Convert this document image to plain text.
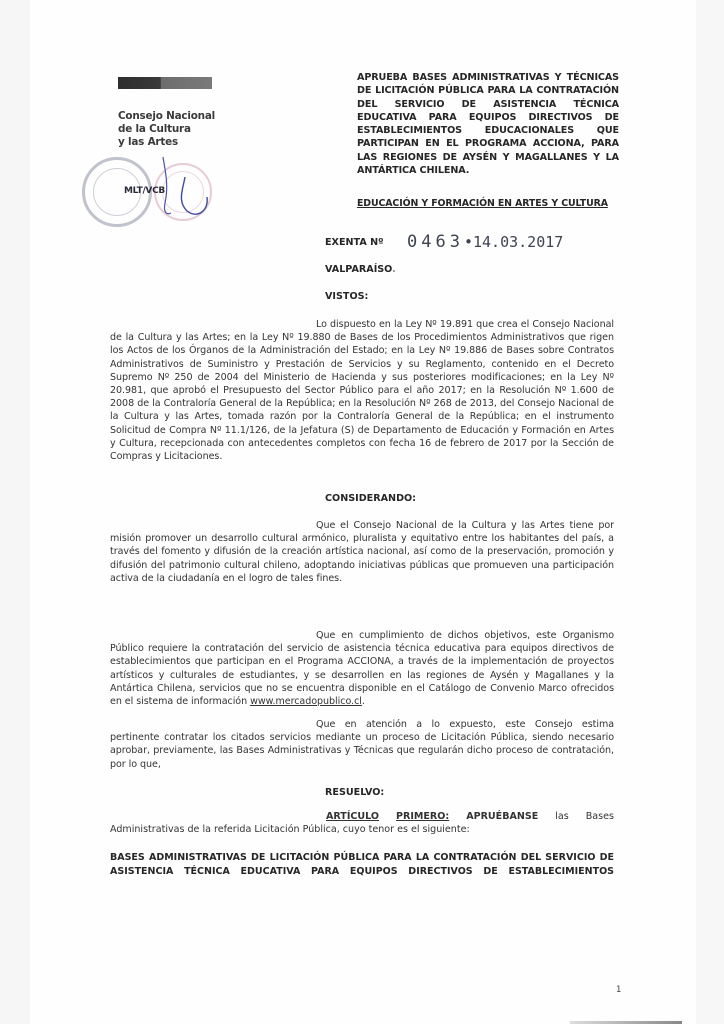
Consejo Nacional
de la Cultura
y las Artes
MLT/VCB
APRUEBA BASES ADMINISTRATIVAS Y TÉCNICAS DE LICITACIÓN PÚBLICA PARA LA CONTRATACIÓN DEL SERVICIO DE ASISTENCIA TÉCNICA EDUCATIVA PARA EQUIPOS DIRECTIVOS DE ESTABLECIMIENTOS EDUCACIONALES QUE PARTICIPAN EN EL PROGRAMA ACCIONA, PARA LAS REGIONES DE AYSÉN Y MAGALLANES Y LA ANTÁRTICA CHILENA.
EDUCACIÓN Y FORMACIÓN EN ARTES Y CULTURA
EXENTA Nº 0463•14.03.2017
VALPARAÍSO.
VISTOS:
Lo dispuesto en la Ley Nº 19.891 que crea el Consejo Nacional de la Cultura y las Artes; en la Ley Nº 19.880 de Bases de los Procedimientos Administrativos que rigen los Actos de los Órganos de la Administración del Estado; en la Ley Nº 19.886 de Bases sobre Contratos Administrativos de Suministro y Prestación de Servicios y su Reglamento, contenido en el Decreto Supremo Nº 250 de 2004 del Ministerio de Hacienda y sus posteriores modificaciones; en la Ley Nº 20.981, que aprobó el Presupuesto del Sector Público para el año 2017; en la Resolución Nº 1.600 de 2008 de la Contraloría General de la República; en la Resolución Nº 268 de 2013, del Consejo Nacional de la Cultura y las Artes, tomada razón por la Contraloría General de la República; en el instrumento Solicitud de Compra Nº 11.1/126, de la Jefatura (S) de Departamento de Educación y Formación en Artes y Cultura, recepcionada con antecedentes completos con fecha 16 de febrero de 2017 por la Sección de Compras y Licitaciones.
CONSIDERANDO:
Que el Consejo Nacional de la Cultura y las Artes tiene por misión promover un desarrollo cultural armónico, pluralista y equitativo entre los habitantes del país, a través del fomento y difusión de la creación artística nacional, así como de la preservación, promoción y difusión del patrimonio cultural chileno, adoptando iniciativas públicas que promueven una participación activa de la ciudadanía en el logro de tales fines.
Que en cumplimiento de dichos objetivos, este Organismo Público requiere la contratación del servicio de asistencia técnica educativa para equipos directivos de establecimientos que participan en el Programa ACCIONA, a través de la implementación de proyectos artísticos y culturales de estudiantes, y se desarrollen en las regiones de Aysén y Magallanes y la Antártica Chilena, servicios que no se encuentra disponible en el Catálogo de Convenio Marco ofrecidos en el sistema de información www.mercadopublico.cl.
Que en atención a lo expuesto, este Consejo estima pertinente contratar los citados servicios mediante un proceso de Licitación Pública, siendo necesario aprobar, previamente, las Bases Administrativas y Técnicas que regularán dicho proceso de contratación, por lo que,
RESUELVO:
ARTÍCULO PRIMERO: APRUÉBANSE las Bases
Administrativas de la referida Licitación Pública, cuyo tenor es el siguiente:
BASES ADMINISTRATIVAS DE LICITACIÓN PÚBLICA PARA LA CONTRATACIÓN DEL SERVICIO DE ASISTENCIA TÉCNICA EDUCATIVA PARA EQUIPOS DIRECTIVOS DE ESTABLECIMIENTOS
1
